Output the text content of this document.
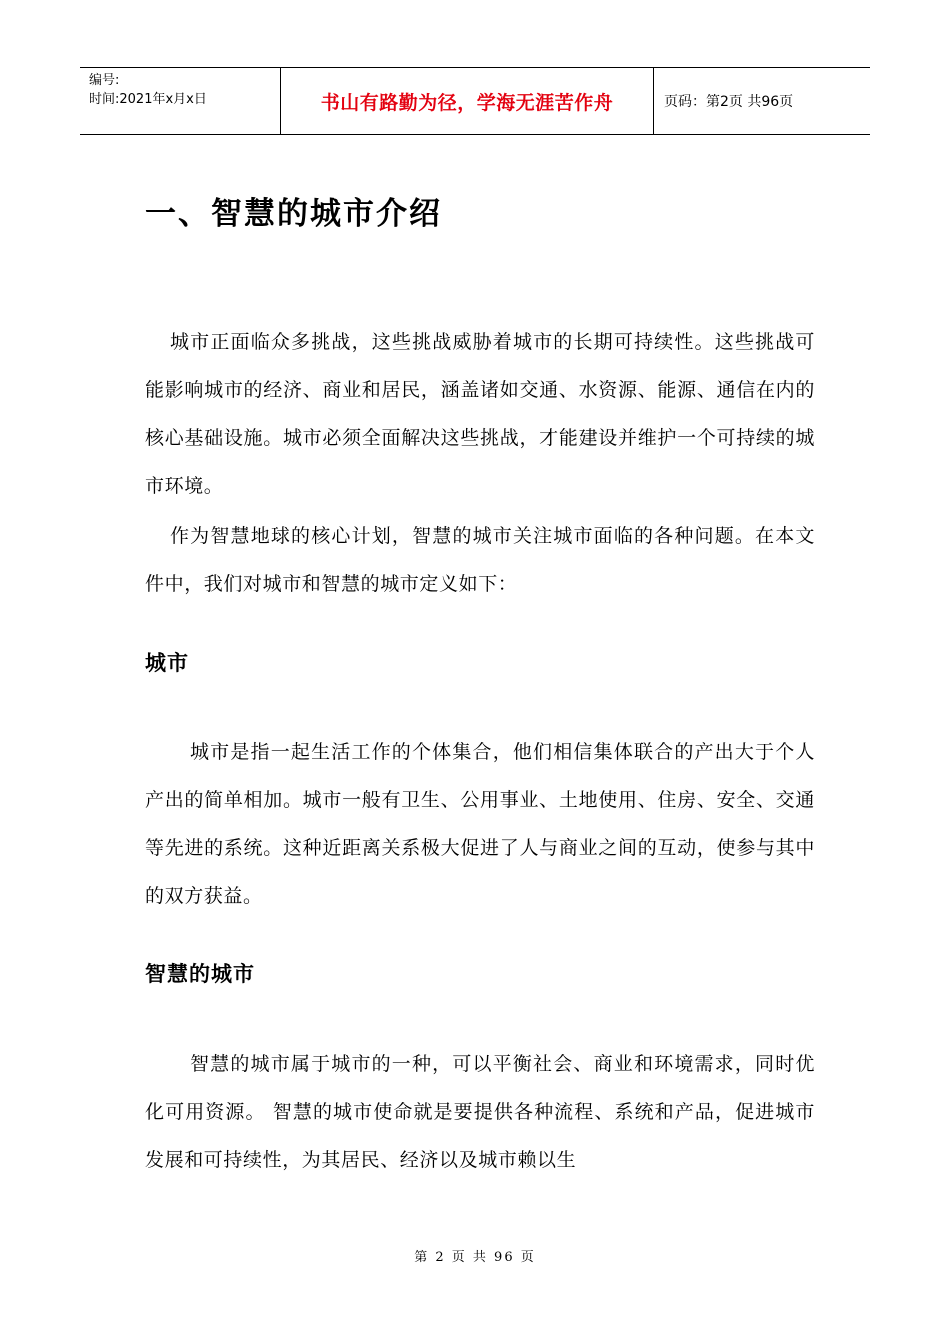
编号:
时间:2021年x月x日	书山有路勤为径，学海无涯苦作舟	页码：第2页 共96页
一、智慧的城市介绍

城市正面临众多挑战，这些挑战威胁着城市的长期可持续性。这些挑战可能影响城市的经济、商业和居民，涵盖诸如交通、水资源、能源、通信在内的核心基础设施。城市必须全面解决这些挑战，才能建设并维护一个可持续的城市环境。

作为智慧地球的核心计划，智慧的城市关注城市面临的各种问题。在本文件中，我们对城市和智慧的城市定义如下：

城市

城市是指一起生活工作的个体集合，他们相信集体联合的产出大于个人产出的简单相加。城市一般有卫生、公用事业、土地使用、住房、安全、交通等先进的系统。这种近距离关系极大促进了人与商业之间的互动，使参与其中的双方获益。

智慧的城市

智慧的城市属于城市的一种，可以平衡社会、商业和环境需求，同时优化可用资源。 智慧的城市使命就是要提供各种流程、系统和产品，促进城市发展和可持续性，为其居民、经济以及城市赖以生

第 2 页 共 96 页
